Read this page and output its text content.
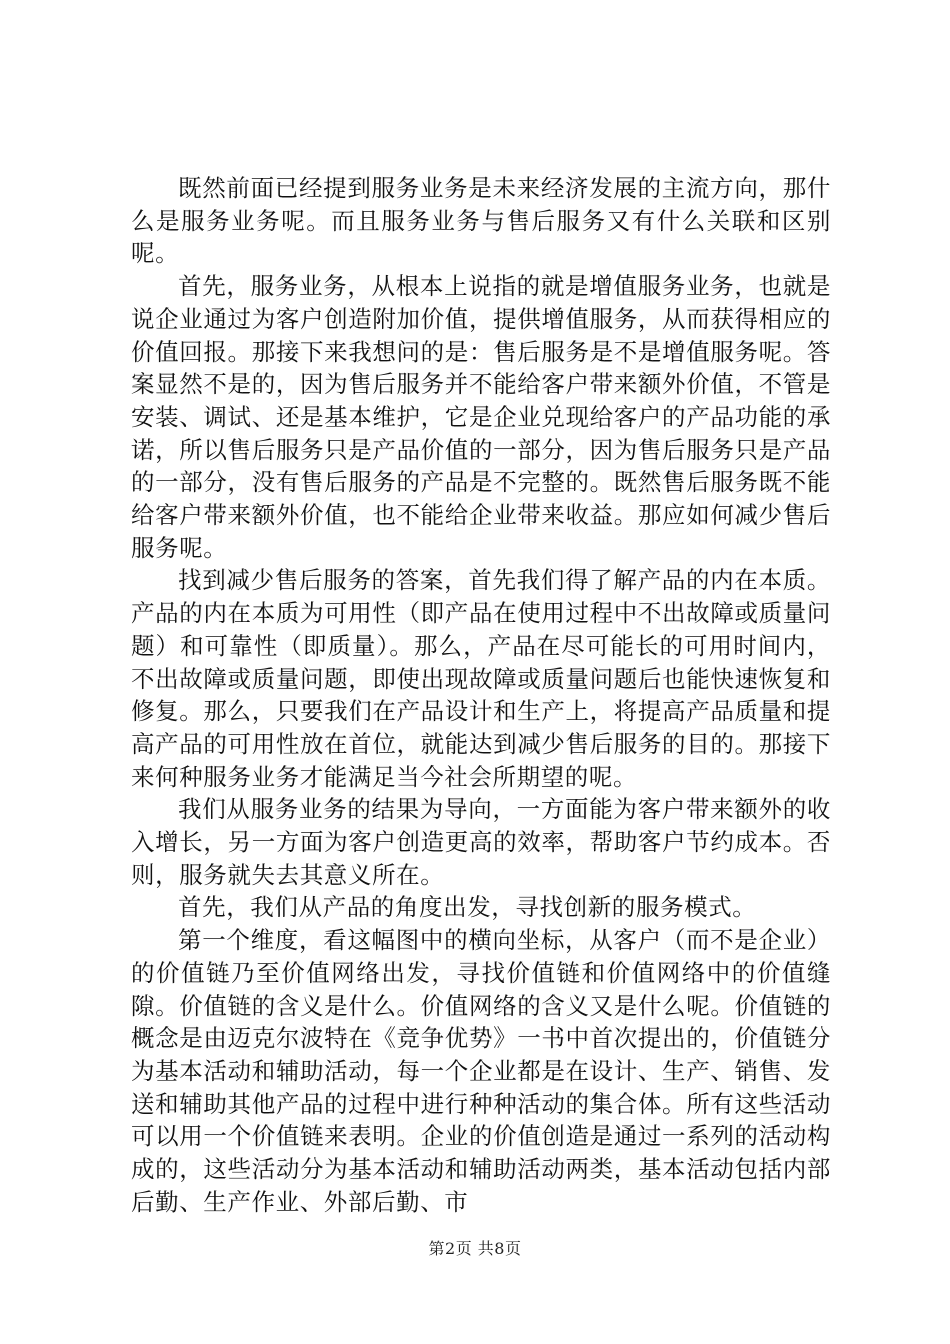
既然前面已经提到服务业务是未来经济发展的主流方向，那什么是服务业务呢。而且服务业务与售后服务又有什么关联和区别呢。

首先，服务业务，从根本上说指的就是增值服务业务，也就是说企业通过为客户创造附加价值，提供增值服务，从而获得相应的价值回报。那接下来我想问的是：售后服务是不是增值服务呢。答案显然不是的，因为售后服务并不能给客户带来额外价值，不管是安装、调试、还是基本维护，它是企业兑现给客户的产品功能的承诺，所以售后服务只是产品价值的一部分，因为售后服务只是产品的一部分，没有售后服务的产品是不完整的。既然售后服务既不能给客户带来额外价值，也不能给企业带来收益。那应如何减少售后服务呢。

找到减少售后服务的答案，首先我们得了解产品的内在本质。产品的内在本质为可用性（即产品在使用过程中不出故障或质量问题）和可靠性（即质量）。那么，产品在尽可能长的可用时间内，不出故障或质量问题，即使出现故障或质量问题后也能快速恢复和修复。那么，只要我们在产品设计和生产上，将提高产品质量和提高产品的可用性放在首位，就能达到减少售后服务的目的。那接下来何种服务业务才能满足当今社会所期望的呢。

我们从服务业务的结果为导向，一方面能为客户带来额外的收入增长，另一方面为客户创造更高的效率，帮助客户节约成本。否则，服务就失去其意义所在。

首先，我们从产品的角度出发，寻找创新的服务模式。

第一个维度，看这幅图中的横向坐标，从客户（而不是企业）的价值链乃至价值网络出发，寻找价值链和价值网络中的价值缝隙。价值链的含义是什么。价值网络的含义又是什么呢。价值链的概念是由迈克尔波特在《竞争优势》一书中首次提出的，价值链分为基本活动和辅助活动，每一个企业都是在设计、生产、销售、发送和辅助其他产品的过程中进行种种活动的集合体。所有这些活动可以用一个价值链来表明。企业的价值创造是通过一系列的活动构成的，这些活动分为基本活动和辅助活动两类，基本活动包括内部后勤、生产作业、外部后勤、市

第2页 共8页
